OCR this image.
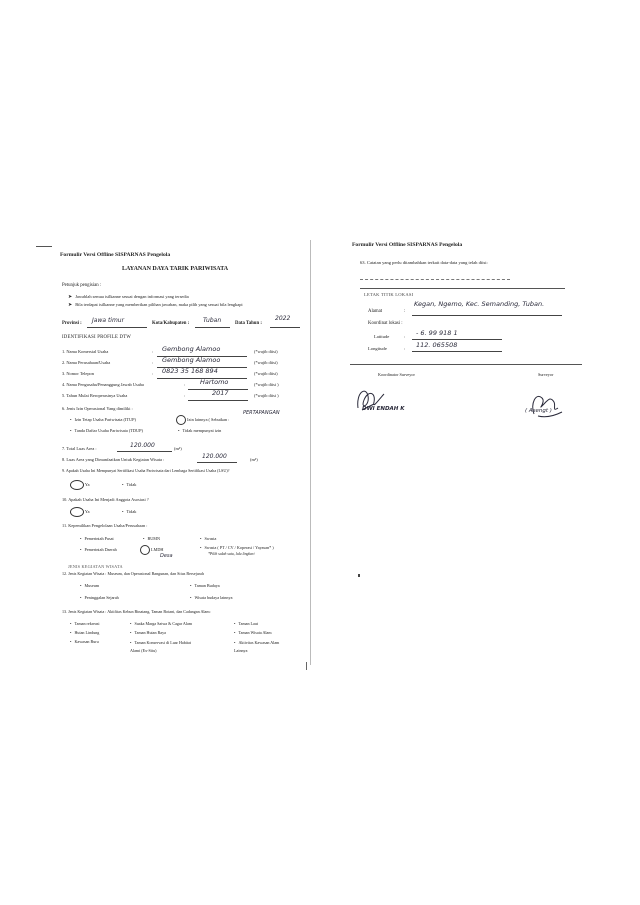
Formulir Versi Offline SISPARNAS Pengelola
LAYANAN DAYA TARIK PARIWISATA
Petunjuk pengisian :
➤ Jawablah semua isilkanne sesuai dengan informasi yang tersedia
➤ Bila terdapat isilkanne yang memberikan pilihan jawaban, maka pilih yang sesuai bila lengkapi
Provinsi : Jawa timur	Kota/Kabupaten : Tuban	Data Tahun :
2022
IDENTIFIKASI PROFILE DTW
1. Nama Komersial Usaha	: Gembong Alamoo	(*wajib diisi)
2. Nama Perusahaan/Usaha	: Gembong Alamoo	(*wajib diisi)
3. Nomor Telepon	: 0823 35 168 894	(*wajib diisi)
4. Nama Pengusaha/Penanggung Jawab Usaha	: Hartomo	(*wajib diisi )
5. Tahun Mulai Beroperasinya Usaha	:	2017	(*wajib diisi )
6. Jenis Izin Operasional Yang dimiliki :
• Izin Tetap Usaha Pariwisata (ITUP)	Izin lainnya ( Sebutkan :
PERTAPANGAN
• Tanda Daftar Usaha Pariwisata (TDUP)	• Tidak mempunyai izin
7. Total Luas Area :	120.000	(m²)
8. Luas Area yang Dimanfaatkan Untuk Kegiatan Wisata :	120.000	(m²)
9. Apakah Usaha Ini Mempunyai Sertifikasi Usaha Pariwisata dari Lembaga Sertifikasi Usaha (LSU)?
Ya	• Tidak
10. Apakah Usaha Ini Menjadi Anggota Asosiasi ?
Ya	• Tidak
11. Kepemilikan Pengelolaan Usaha/Perusahaan :
• Pemerintah Pusat
• Pemerintah Daerah
• BUMN
LMDH
Desa
• Swasta
• Swasta ( PT / CV / Koperasi / Yayasan* )
*Pilih salah satu, lalu lingkari
JENIS KEGIATAN WISATA
12. Jenis Kegiatan Wisata : Museum, dan Operasional Bangunan, dan Situs Bersejarah
• Museum	• Taman Budaya
• Peninggalan Sejarah	• Wisata budaya lainnya
13. Jenis Kegiatan Wisata : Aktifitas Kebun Binatang, Taman Botani, dan Cadangan Alam:
• Taman rekreasi
• Hutan Lindung
• Kawasan Buru
• Suaka Marga Satwa & Cagar Alam
• Taman Hutan Raya
• Taman Konservasi di Luar Habitat Alami (Ex-Situ)
• Taman Laut
• Taman Wisata Alam
• Aktivitas Kawasan Alam Lainnya
Formulir Versi Offline SISPARNAS Pengelola
63. Catatan yang perlu ditambahkan terkait data-data yang telah diisi:
LETAK TITIK LOKASI
Alamat	:
Kegan, Ngemo, Kec. Semanding, Tuban.
Koordinat lokasi :
Latitude	: - 6. 99 918 1
Longitude	: 112. 065508
Koordinator Surveyor	Surveyor
DWI ENDAH K	( Asengt )
